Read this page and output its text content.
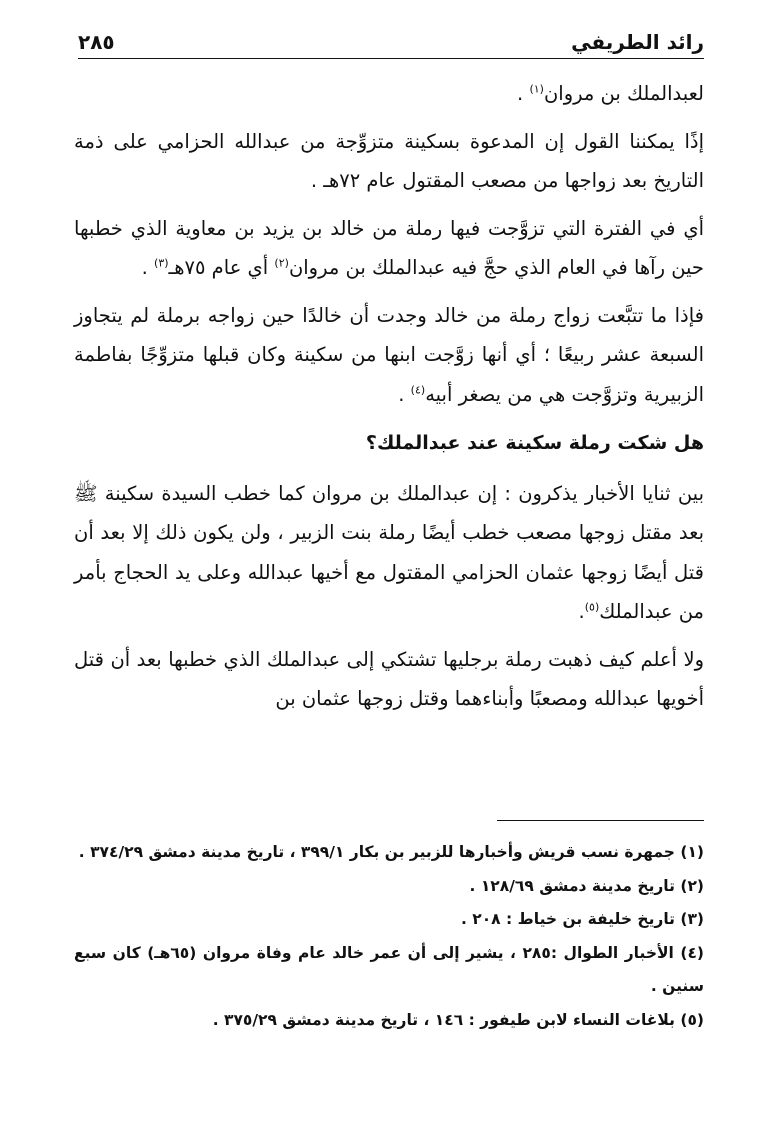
رائد الطريفي
٢٨٥

لعبدالملك بن مروان$^{(١)}$ .

إذًا يمكننا القول إن المدعوة بسكينة متزوِّجة من عبدالله الحزامي على ذمة التاريخ بعد زواجها من مصعب المقتول عام ٧٢هـ .

أي في الفترة التي تزوَّجت فيها رملة من خالد بن يزيد بن معاوية الذي خطبها حين رآها في العام الذي حجَّ فيه عبدالملك بن مروان$^{(٢)}$ أي عام ٧٥هـ$^{(٣)}$ .

فإذا ما تتبَّعت زواج رملة من خالد وجدت أن خالدًا حين زواجه برملة لم يتجاوز السبعة عشر ربيعًا ؛ أي أنها زوَّجت ابنها من سكينة وكان قبلها متزوِّجًا بفاطمة الزبيرية وتزوَّجت هي من يصغر أبيه$^{(٤)}$ .

هل شكت رملة سكينة عند عبدالملك؟

بين ثنايا الأخبار يذكرون : إن عبدالملك بن مروان كما خطب السيدة سكينة ﷺ بعد مقتل زوجها مصعب خطب أيضًا رملة بنت الزبير ، ولن يكون ذلك إلا بعد أن قتل أيضًا زوجها عثمان الحزامي المقتول مع أخيها عبدالله وعلى يد الحجاج بأمر من عبدالملك$^{(٥)}$.

ولا أعلم كيف ذهبت رملة برجليها تشتكي إلى عبدالملك الذي خطبها بعد أن قتل أخويها عبدالله ومصعبًا وأبناءهما وقتل زوجها عثمان بن

(١) جمهرة نسب قريش وأخبارها للزبير بن بكار ٣٩٩/١ ، تاريخ مدينة دمشق ٣٧٤/٢٩ .

(٢) تاريخ مدينة دمشق ١٢٨/٦٩ .

(٣) تاريخ خليفة بن خياط : ٢٠٨ .

(٤) الأخبار الطوال :٢٨٥ ، يشير إلى أن عمر خالد عام وفاة مروان (٦٥هـ) كان سبع سنين .

(٥) بلاغات النساء لابن طيفور : ١٤٦ ، تاريخ مدينة دمشق ٣٧٥/٢٩ .
